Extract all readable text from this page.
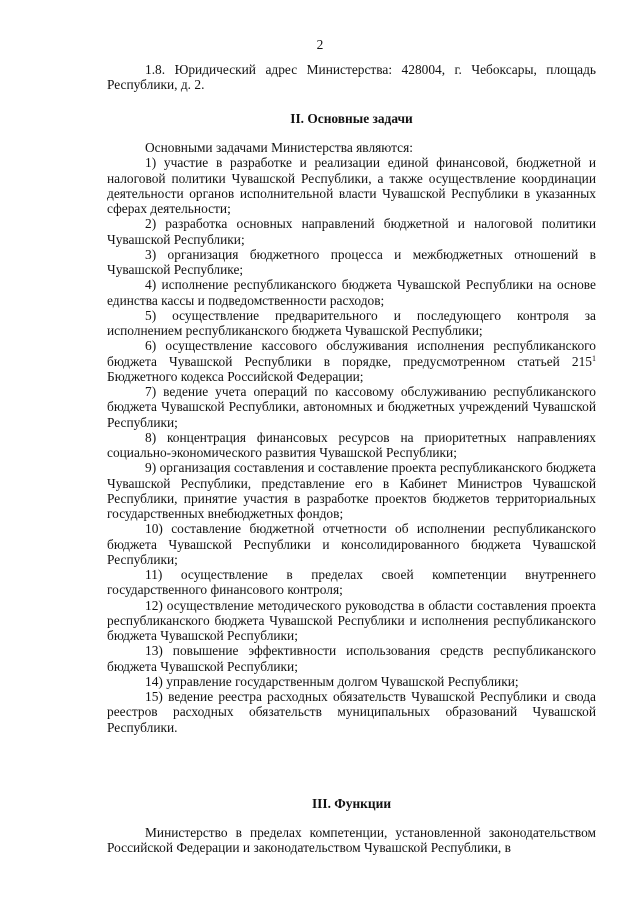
2

1.8. Юридический адрес Министерства: 428004, г. Чебоксары, площадь Республики, д. 2.

II. Основные задачи

Основными задачами Министерства являются:

1) участие в разработке и реализации единой финансовой, бюджетной и налоговой политики Чувашской Республики, а также осуществление координации деятельности органов исполнительной власти Чувашской Республики в указанных сферах деятельности;

2) разработка основных направлений бюджетной и налоговой политики Чувашской Республики;

3) организация бюджетного процесса и межбюджетных отношений в Чувашской Республике;

4) исполнение республиканского бюджета Чувашской Республики на основе единства кассы и подведомственности расходов;

5) осуществление предварительного и последующего контроля за исполнением республиканского бюджета Чувашской Республики;

6) осуществление кассового обслуживания исполнения республиканского бюджета Чувашской Республики в порядке, предусмотренном статьей $215^1$ Бюджетного кодекса Российской Федерации;

7) ведение учета операций по кассовому обслуживанию республиканского бюджета Чувашской Республики, автономных и бюджетных учреждений Чувашской Республики;

8) концентрация финансовых ресурсов на приоритетных направлениях социально-экономического развития Чувашской Республики;

9) организация составления и составление проекта республиканского бюджета Чувашской Республики, представление его в Кабинет Министров Чувашской Республики, принятие участия в разработке проектов бюджетов территориальных государственных внебюджетных фондов;

10) составление бюджетной отчетности об исполнении республиканского бюджета Чувашской Республики и консолидированного бюджета Чувашской Республики;

11) осуществление в пределах своей компетенции внутреннего государственного финансового контроля;

12) осуществление методического руководства в области составления проекта республиканского бюджета Чувашской Республики и исполнения республиканского бюджета Чувашской Республики;

13) повышение эффективности использования средств республиканского бюджета Чувашской Республики;

14) управление государственным долгом Чувашской Республики;

15) ведение реестра расходных обязательств Чувашской Республики и свода реестров расходных обязательств муниципальных образований Чувашской Республики.

III. Функции

Министерство в пределах компетенции, установленной законодательством Российской Федерации и законодательством Чувашской Республики, в
